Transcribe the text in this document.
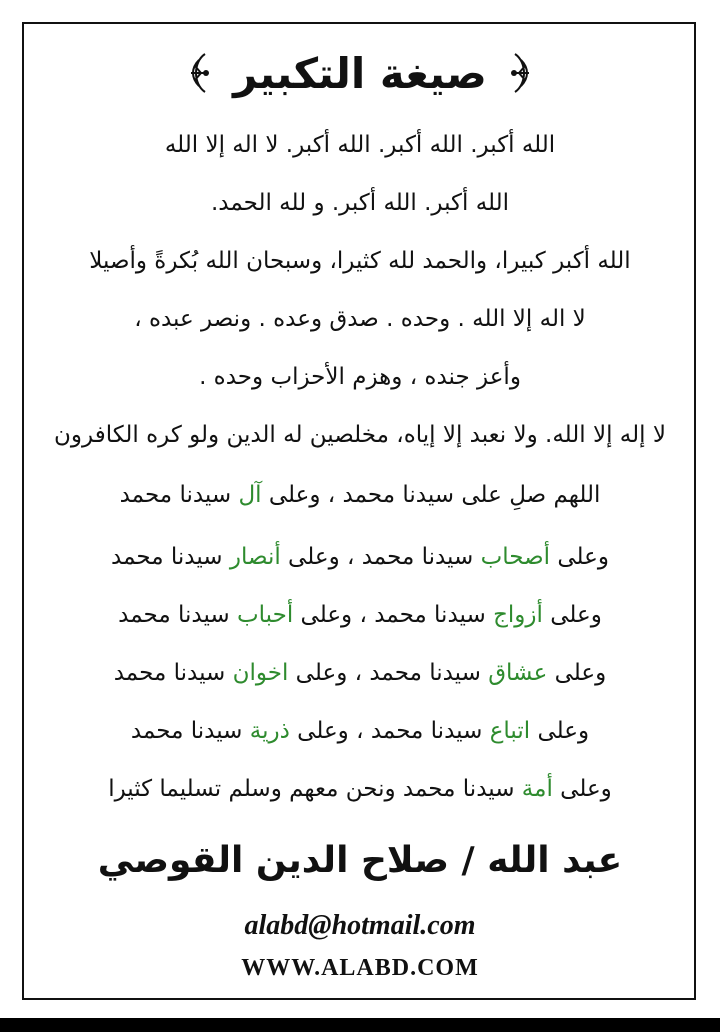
صيغة التكبير
الله أكبر. الله أكبر. الله أكبر. لا اله إلا الله
الله أكبر. الله أكبر. و لله الحمد.
الله أكبر كبيرا، والحمد لله كثيرا، وسبحان الله بُكرةً وأصيلا
لا اله إلا الله . وحده . صدق وعده . ونصر عبده ،
وأعز جنده ، وهزم الأحزاب وحده .
لا إله إلا الله. ولا نعبد إلا إياه، مخلصين له الدين ولو كره الكافرون
اللهم صلِ على سيدنا محمد ، وعلى آل سيدنا محمد
وعلى أصحاب سيدنا محمد ، وعلى أنصار سيدنا محمد
وعلى أزواج سيدنا محمد ، وعلى أحباب سيدنا محمد
وعلى عشاق سيدنا محمد ، وعلى اخوان سيدنا محمد
وعلى اتباع سيدنا محمد ، وعلى ذرية سيدنا محمد
وعلى أمة سيدنا محمد ونحن معهم وسلم تسليما كثيرا
عبد الله / صلاح الدين القوصي
alabd@hotmail.com
WWW.ALABD.COM
